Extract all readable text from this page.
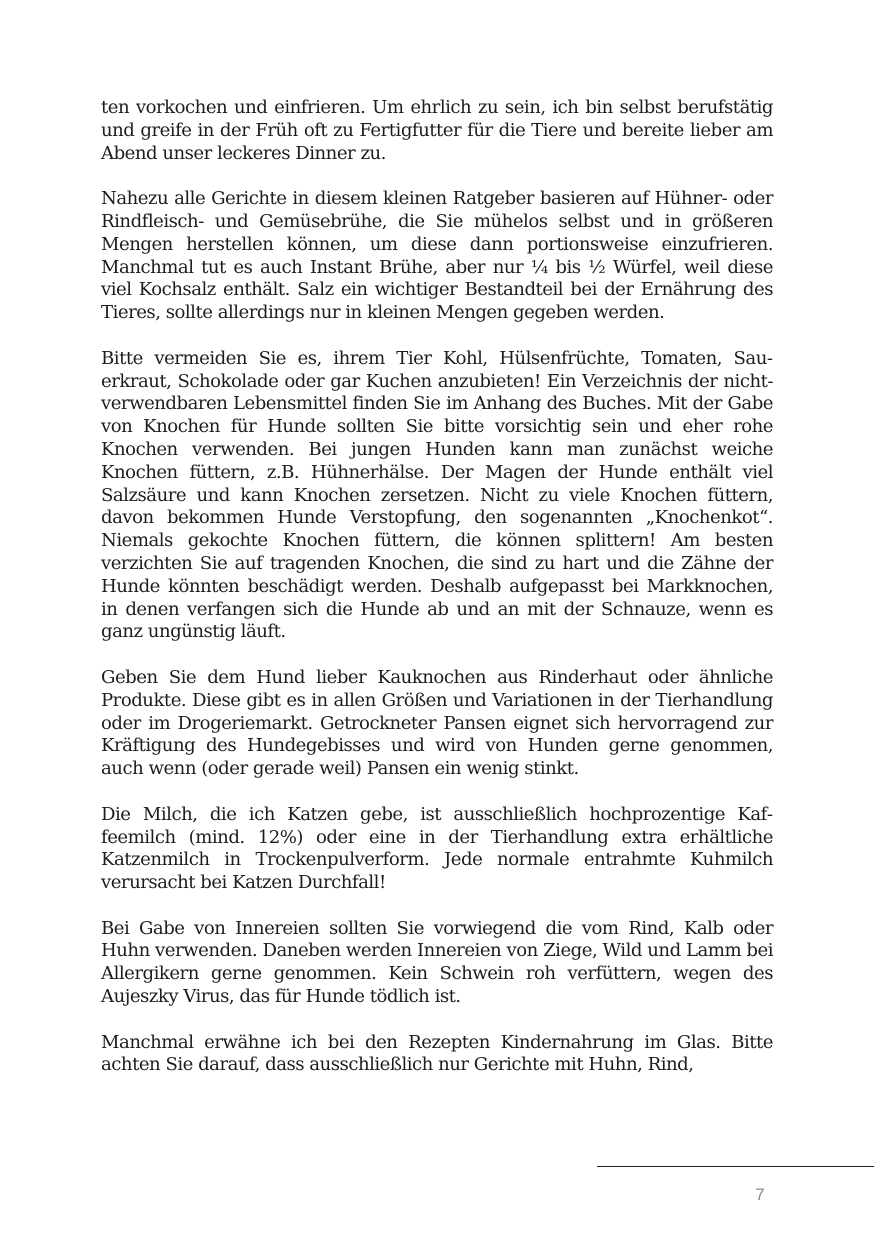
ten vorkochen und einfrieren. Um ehrlich zu sein, ich bin selbst berufstätig und greife in der Früh oft zu Fertigfutter für die Tiere und bereite lieber am Abend unser leckeres Dinner zu.

Nahezu alle Gerichte in diesem kleinen Ratgeber basieren auf Hühner- oder Rindfleisch- und Gemüsebrühe, die Sie mühelos selbst und in größeren Mengen herstellen können, um diese dann portionsweise einzufrieren. Manchmal tut es auch Instant Brühe, aber nur ¼ bis ½ Würfel, weil diese viel Kochsalz enthält. Salz ein wichtiger Bestandteil bei der Ernährung des Tieres, sollte allerdings nur in kleinen Mengen gegeben werden.

Bitte vermeiden Sie es, ihrem Tier Kohl, Hülsenfrüchte, Tomaten, Sauerkraut, Schokolade oder gar Kuchen anzubieten! Ein Verzeichnis der nicht-verwendbaren Lebensmittel finden Sie im Anhang des Buches. Mit der Gabe von Knochen für Hunde sollten Sie bitte vorsichtig sein und eher rohe Knochen verwenden. Bei jungen Hunden kann man zunächst weiche Knochen füttern, z.B. Hühnerhälse. Der Magen der Hunde enthält viel Salzsäure und kann Knochen zersetzen. Nicht zu viele Knochen füttern, davon bekommen Hunde Verstopfung, den sogenannten „Knochenkot“. Niemals gekochte Knochen füttern, die können splittern! Am besten verzichten Sie auf tragenden Knochen, die sind zu hart und die Zähne der Hunde könnten beschädigt werden. Deshalb aufgepasst bei Markknochen, in denen verfangen sich die Hunde ab und an mit der Schnauze, wenn es ganz ungünstig läuft.

Geben Sie dem Hund lieber Kauknochen aus Rinderhaut oder ähnliche Produkte. Diese gibt es in allen Größen und Variationen in der Tierhandlung oder im Drogeriemarkt. Getrockneter Pansen eignet sich hervorragend zur Kräftigung des Hundegebisses und wird von Hunden gerne genommen, auch wenn (oder gerade weil) Pansen ein wenig stinkt.

Die Milch, die ich Katzen gebe, ist ausschließlich hochprozentige Kaffeemilch (mind. 12%) oder eine in der Tierhandlung extra erhältliche Katzenmilch in Trockenpulverform. Jede normale entrahmte Kuhmilch verursacht bei Katzen Durchfall!

Bei Gabe von Innereien sollten Sie vorwiegend die vom Rind, Kalb oder Huhn verwenden. Daneben werden Innereien von Ziege, Wild und Lamm bei Allergikern gerne genommen. Kein Schwein roh verfüttern, wegen des Aujeszky Virus, das für Hunde tödlich ist.

Manchmal erwähne ich bei den Rezepten Kindernahrung im Glas. Bitte achten Sie darauf, dass ausschließlich nur Gerichte mit Huhn, Rind,

7
